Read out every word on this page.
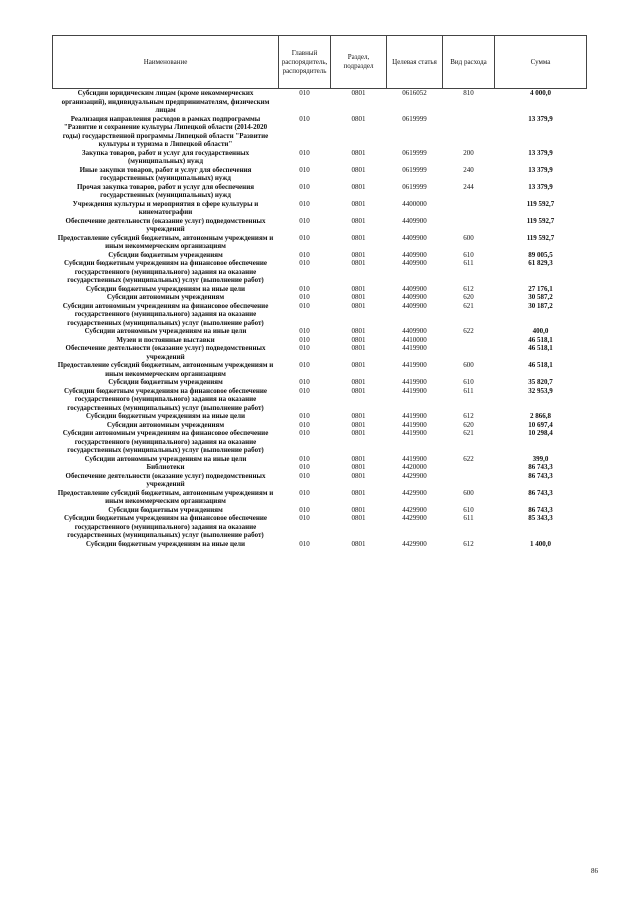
Наименование	Главный распорядитель, распорядитель	Раздел, подраздел	Целевая статья	Вид расхода	Сумма
Субсидии юридическим лицам (кроме некоммерческих организаций), индивидуальным предпринимателям, физическим лицам	010	0801	0616052	810	4 000,0
Реализация направления расходов в рамках подпрограммы "Развитие и сохранение культуры Липецкой области (2014-2020 годы) государственной программы Липецкой области "Развитие культуры и туризма в Липецкой области"	010	0801	0619999		13 379,9
Закупка товаров, работ и услуг для государственных (муниципальных) нужд	010	0801	0619999	200	13 379,9
Иные закупки товаров, работ и услуг для обеспечения государственных (муниципальных) нужд	010	0801	0619999	240	13 379,9
Прочая закупка товаров, работ и услуг для обеспечения государственных (муниципальных) нужд	010	0801	0619999	244	13 379,9
Учреждения культуры и мероприятия в сфере культуры и кинематографии	010	0801	4400000		119 592,7
Обеспечение деятельности (оказание услуг) подведомственных учреждений	010	0801	4409900		119 592,7
Предоставление субсидий бюджетным, автономным учреждениям и иным некоммерческим организациям	010	0801	4409900	600	119 592,7
Субсидии бюджетным учреждениям	010	0801	4409900	610	89 005,5
Субсидии бюджетным учреждениям на финансовое обеспечение государственного (муниципального) задания на оказание государственных (муниципальных) услуг (выполнение работ)	010	0801	4409900	611	61 829,3
Субсидии бюджетным учреждениям на иные цели	010	0801	4409900	612	27 176,1
Субсидии автономным учреждениям	010	0801	4409900	620	30 587,2
Субсидии автономным учреждениям на финансовое обеспечение государственного (муниципального) задания на оказание государственных (муниципальных) услуг (выполнение работ)	010	0801	4409900	621	30 187,2
Субсидии автономным учреждениям на иные цели	010	0801	4409900	622	400,0
Музеи и постоянные выставки	010	0801	4410000		46 518,1
Обеспечение деятельности (оказание услуг) подведомственных учреждений	010	0801	4419900		46 518,1
Предоставление субсидий бюджетным, автономным учреждениям и иным некоммерческим организациям	010	0801	4419900	600	46 518,1
Субсидии бюджетным учреждениям	010	0801	4419900	610	35 820,7
Субсидии бюджетным учреждениям на финансовое обеспечение государственного (муниципального) задания на оказание государственных (муниципальных) услуг (выполнение работ)	010	0801	4419900	611	32 953,9
Субсидии бюджетным учреждениям на иные цели	010	0801	4419900	612	2 866,8
Субсидии автономным учреждениям	010	0801	4419900	620	10 697,4
Субсидии автономным учреждениям на финансовое обеспечение государственного (муниципального) задания на оказание государственных (муниципальных) услуг (выполнение работ)	010	0801	4419900	621	10 298,4
Субсидии автономным учреждениям на иные цели	010	0801	4419900	622	399,0
Библиотеки	010	0801	4420000		86 743,3
Обеспечение деятельности (оказание услуг) подведомственных учреждений	010	0801	4429900		86 743,3
Предоставление субсидий бюджетным, автономным учреждениям и иным некоммерческим организациям	010	0801	4429900	600	86 743,3
Субсидии бюджетным учреждениям	010	0801	4429900	610	86 743,3
Субсидии бюджетным учреждениям на финансовое обеспечение государственного (муниципального) задания на оказание государственных (муниципальных) услуг (выполнение работ)	010	0801	4429900	611	85 343,3
Субсидии бюджетным учреждениям на иные цели	010	0801	4429900	612	1 400,0
86
